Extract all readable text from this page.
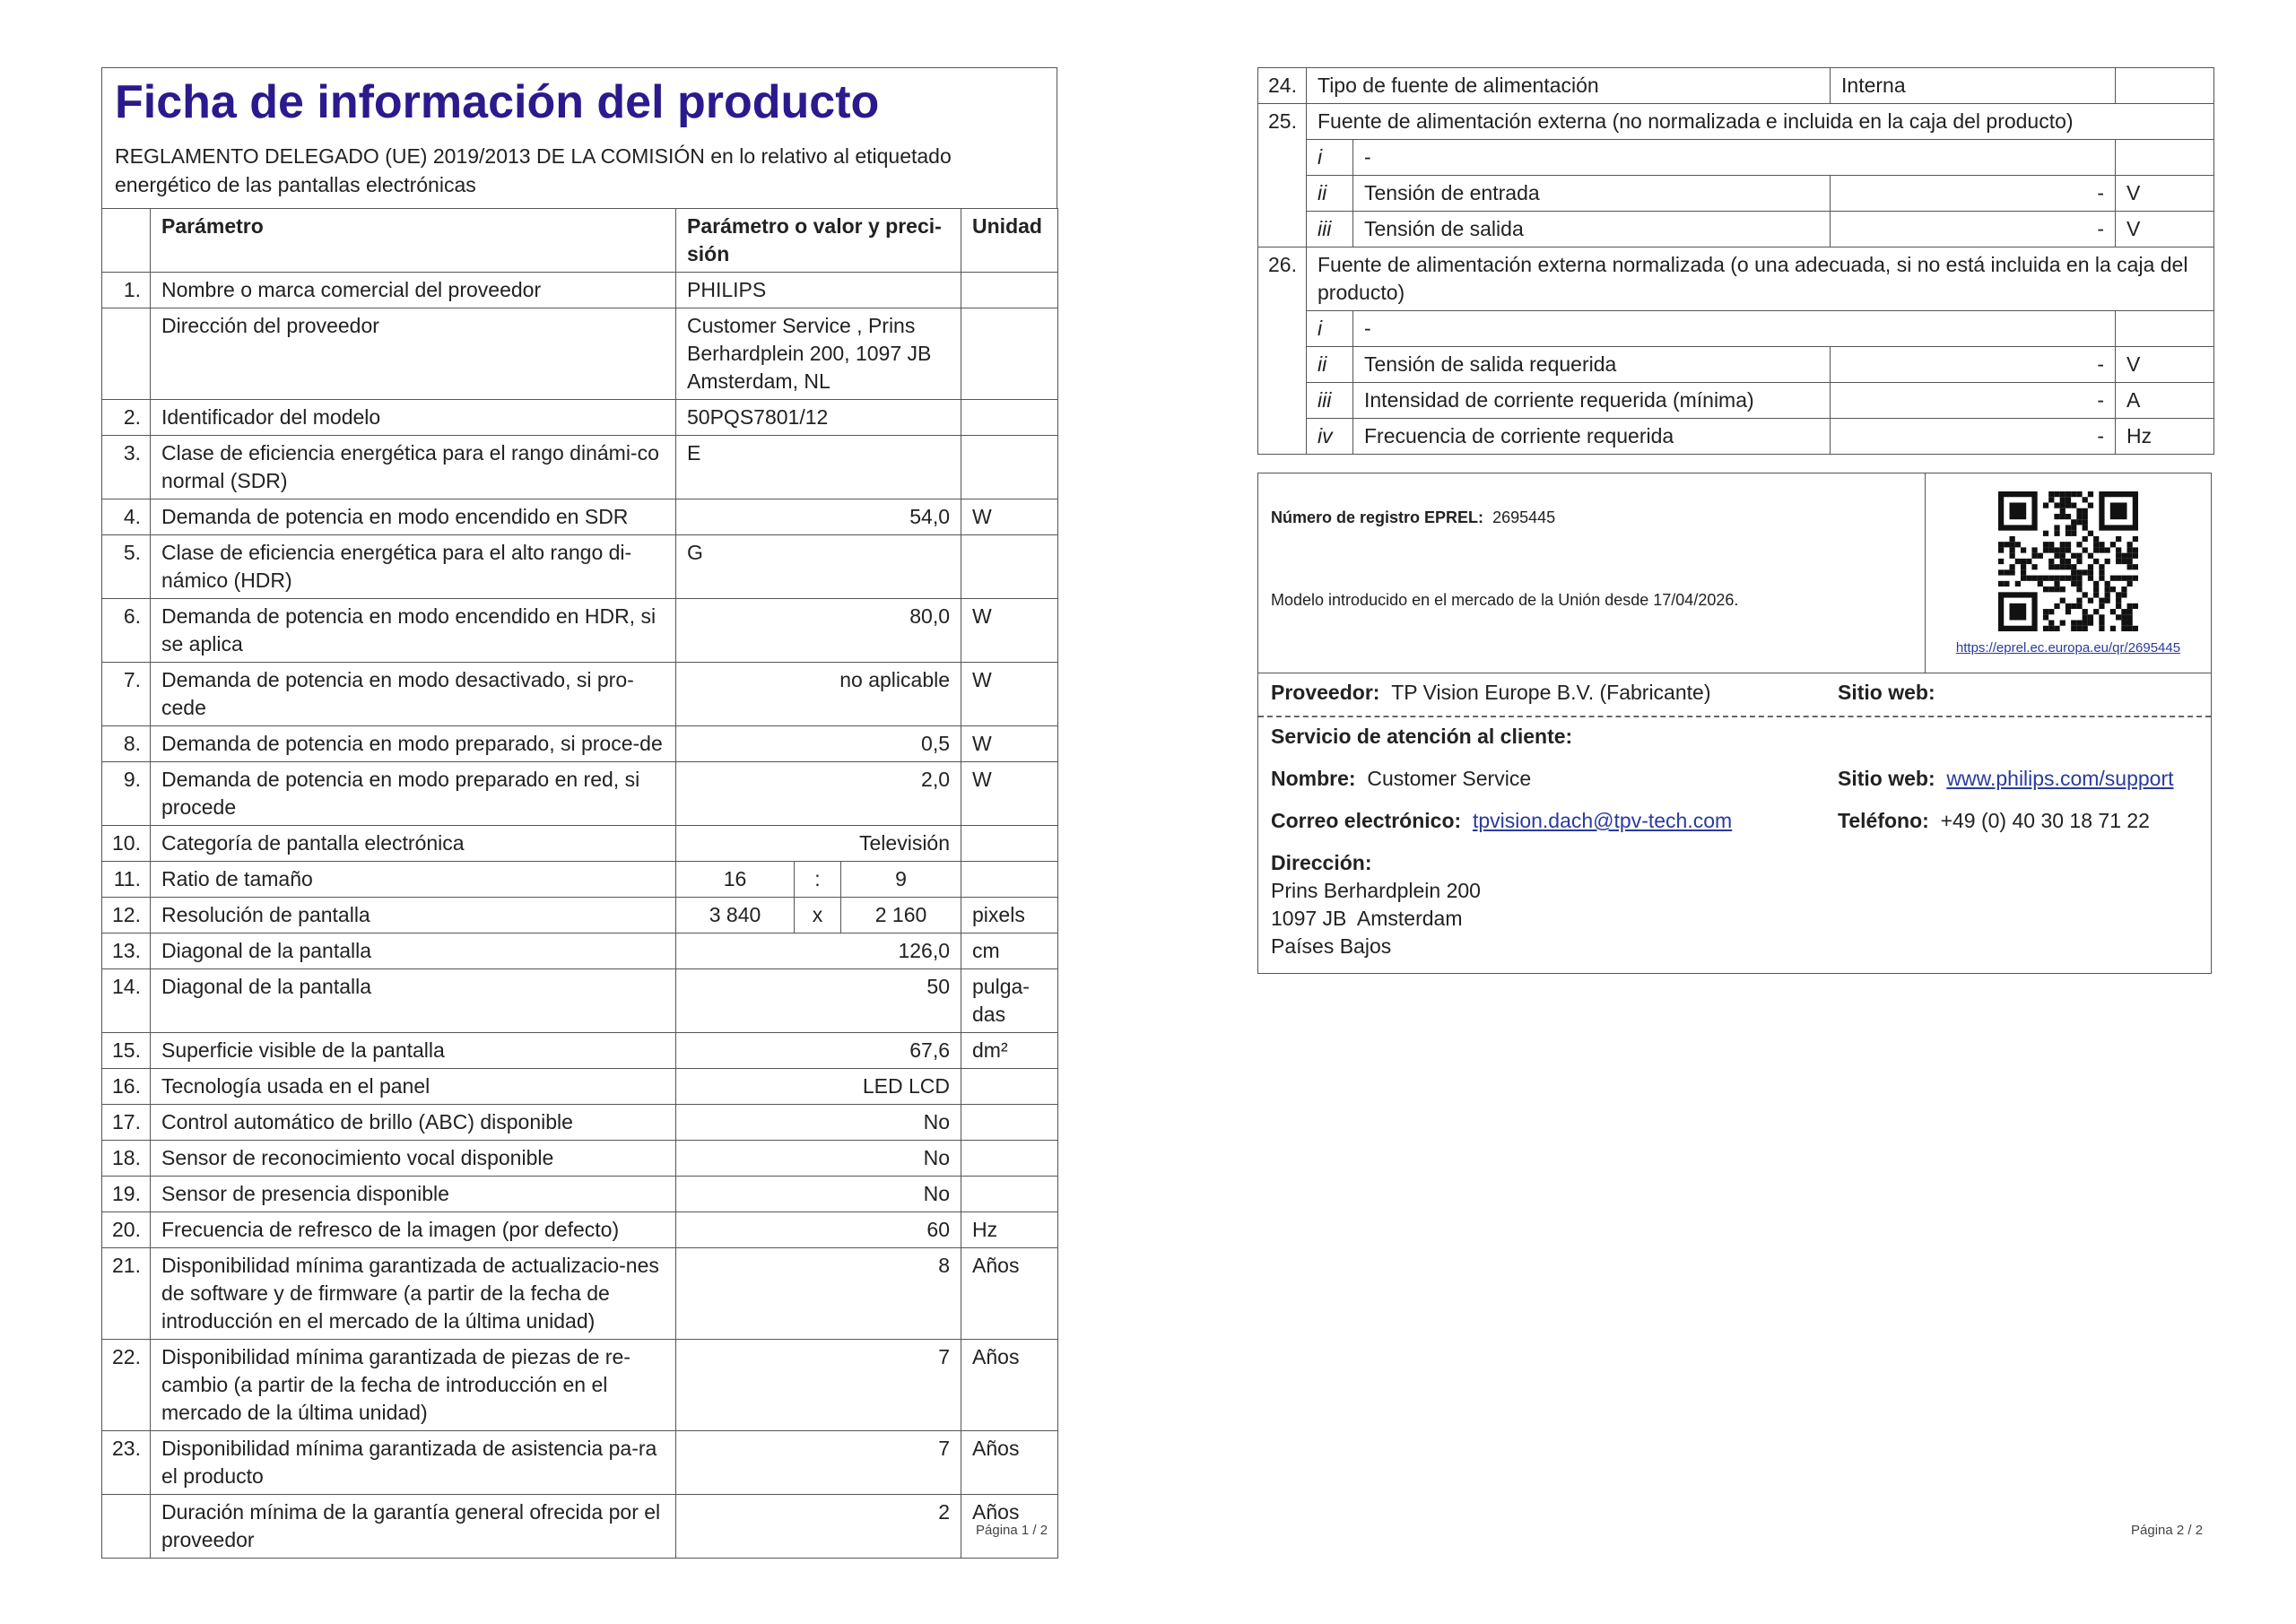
Ficha de información del producto
REGLAMENTO DELEGADO (UE) 2019/2013 DE LA COMISIÓN en lo relativo al etiquetado energético de las pantallas electrónicas
	Parámetro	Parámetro o valor y preci-sión			Unidad
1.	Nombre o marca comercial del proveedor	PHILIPS			
	Dirección del proveedor	Customer Service , Prins Berhardplein 200, 1097 JB Amsterdam, NL			
2.	Identificador del modelo	50PQS7801/12			
3.	Clase de eficiencia energética para el rango dinámi-co normal (SDR)	E			
4.	Demanda de potencia en modo encendido en SDR	54,0			W
5.	Clase de eficiencia energética para el alto rango di-námico (HDR)	G			
6.	Demanda de potencia en modo encendido en HDR, si se aplica	80,0			W
7.	Demanda de potencia en modo desactivado, si pro-cede	no aplicable			W
8.	Demanda de potencia en modo preparado, si proce-de	0,5			W
9.	Demanda de potencia en modo preparado en red, si procede	2,0			W
10.	Categoría de pantalla electrónica	Televisión			
11.	Ratio de tamaño	16	:	9	
12.	Resolución de pantalla	3 840	x	2 160	pixels
13.	Diagonal de la pantalla	126,0			cm
14.	Diagonal de la pantalla	50			pulga-das
15.	Superficie visible de la pantalla	67,6			dm²
16.	Tecnología usada en el panel	LED LCD			
17.	Control automático de brillo (ABC) disponible	No			
18.	Sensor de reconocimiento vocal disponible	No			
19.	Sensor de presencia disponible	No			
20.	Frecuencia de refresco de la imagen (por defecto)	60			Hz
21.	Disponibilidad mínima garantizada de actualizacio-nes de software y de firmware (a partir de la fecha de introducción en el mercado de la última unidad)	8			Años
22.	Disponibilidad mínima garantizada de piezas de re-cambio (a partir de la fecha de introducción en el mercado de la última unidad)	7			Años
23.	Disponibilidad mínima garantizada de asistencia pa-ra el producto	7			Años
	Duración mínima de la garantía general ofrecida por el proveedor	2			Años
24.	Tipo de fuente de alimentación		Interna	
25.	Fuente de alimentación externa (no normalizada e incluida en la caja del producto)			
	i	-		
	ii	Tensión de entrada	-	V
	iii	Tensión de salida	-	V
26.	Fuente de alimentación externa normalizada (o una adecuada, si no está incluida en la caja del producto)			
	i	-		
	ii	Tensión de salida requerida	-	V
	iii	Intensidad de corriente requerida (mínima)	-	A
	iv	Frecuencia de corriente requerida	-	Hz
Número de registro EPREL: 2695445
Modelo introducido en el mercado de la Unión desde 17/04/2026.
https://eprel.ec.europa.eu/qr/2695445
Proveedor: TP Vision Europe B.V. (Fabricante)	Sitio web:
Servicio de atención al cliente:
Nombre: Customer Service	Sitio web: www.philips.com/support
Correo electrónico: tpvision.dach@tpv-tech.com	Teléfono: +49 (0) 40 30 18 71 22
Dirección:
Prins Berhardplein 200
1097 JB  Amsterdam
Países Bajos
Página 1 / 2	Página 2 / 2
